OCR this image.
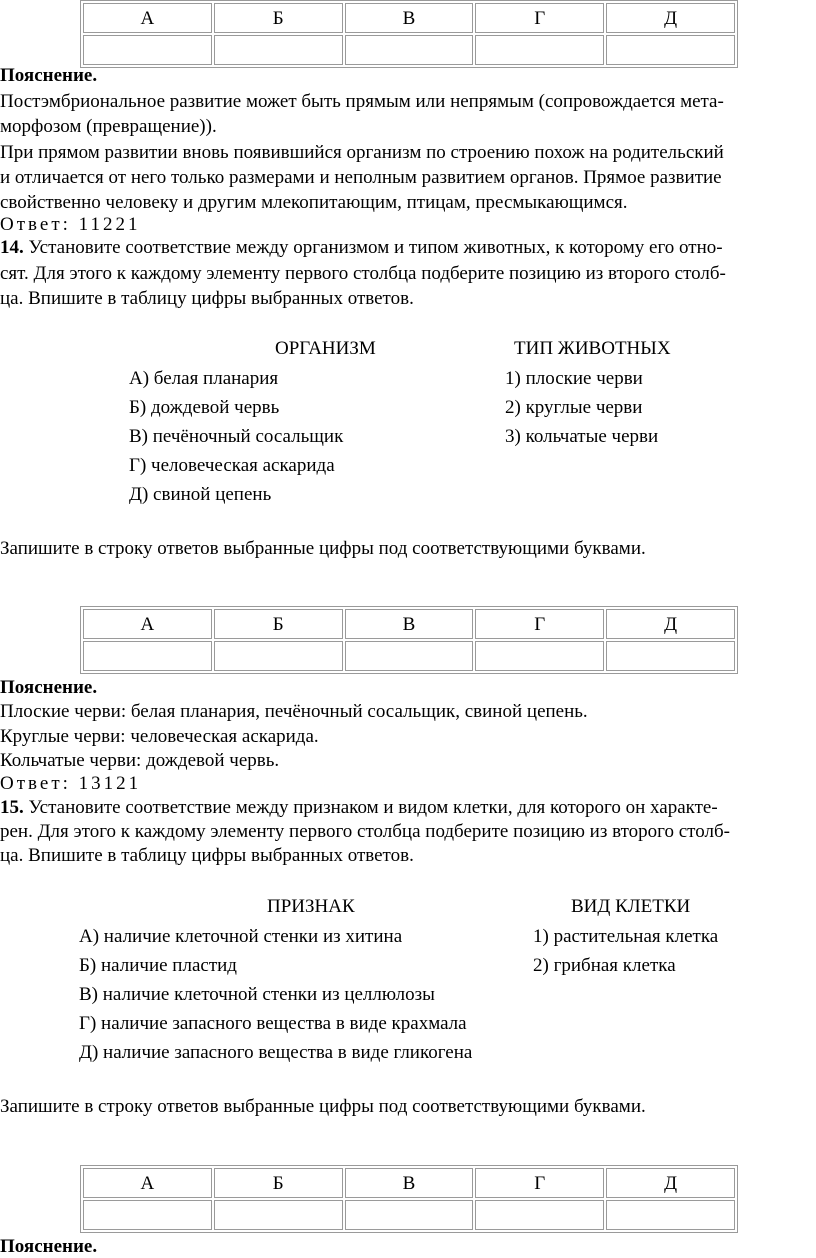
А	Б	В	Г	Д

Пояснение.
Постэмбриональное развитие может быть прямым или непрямым (сопровождается мета-
морфозом (превращение)).
При прямом развитии вновь появившийся организм по строению похож на родительский
и отличается от него только размерами и неполным развитием органов. Прямое развитие
свойственно человеку и другим млекопитающим, птицам, пресмыкающимся.
Ответ: 11221
14. Установите соответствие между организмом и типом животных, к которому его отно-
сят. Для этого к каждому элементу первого столбца подберите позицию из второго столб-
ца. Впишите в таблицу цифры выбранных ответов.
ОРГАНИЗМ	ТИП ЖИВОТНЫХ
А) белая планария
Б) дождевой червь
В) печёночный сосальщик
Г) человеческая аскарида
Д) свиной цепень
1) плоские черви
2) круглые черви
3) кольчатые черви
Запишите в строку ответов выбранные цифры под соответствующими буквами.
А	Б	В	Г	Д

Пояснение.
Плоские черви: белая планария, печёночный сосальщик, свиной цепень.
Круглые черви: человеческая аскарида.
Кольчатые черви: дождевой червь.
Ответ: 13121
15. Установите соответствие между признаком и видом клетки, для которого он характе-
рен. Для этого к каждому элементу первого столбца подберите позицию из второго столб-
ца. Впишите в таблицу цифры выбранных ответов.
ПРИЗНАК	ВИД КЛЕТКИ
А) наличие клеточной стенки из хитина
Б) наличие пластид
В) наличие клеточной стенки из целлюлозы
Г) наличие запасного вещества в виде крахмала
Д) наличие запасного вещества в виде гликогена
1) растительная клетка
2) грибная клетка
Запишите в строку ответов выбранные цифры под соответствующими буквами.
А	Б	В	Г	Д

Пояснение.
